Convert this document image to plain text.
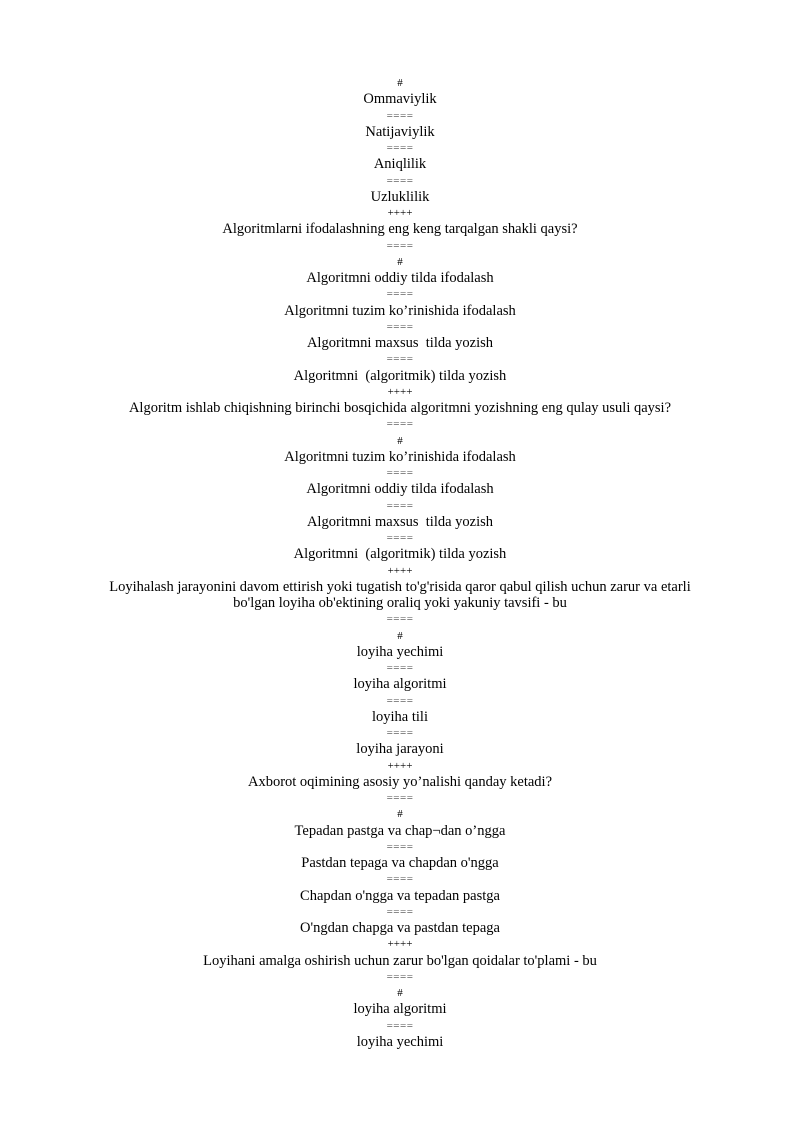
#
Ommaviylik
====
Natijaviylik
====
Aniqlilik
====
Uzluklilik
++++
Algoritmlarni ifodalashning eng keng tarqalgan shakli qaysi?
====
#
Algoritmni oddiy tilda ifodalash
====
Algoritmni tuzim ko’rinishida ifodalash
====
Algoritmni maxsus  tilda yozish
====
Algoritmni  (algoritmik) tilda yozish
++++
Algoritm ishlab chiqishning birinchi bosqichida algoritmni yozishning eng qulay usuli qaysi?
====
#
Algoritmni tuzim ko’rinishida ifodalash
====
Algoritmni oddiy tilda ifodalash
====
Algoritmni maxsus  tilda yozish
====
Algoritmni  (algoritmik) tilda yozish
++++
Loyihalash jarayonini davom ettirish yoki tugatish to'g'risida qaror qabul qilish uchun zarur va etarli
bo'lgan loyiha ob'ektining oraliq yoki yakuniy tavsifi - bu
====
#
loyiha yechimi
====
loyiha algoritmi
====
loyiha tili
====
loyiha jarayoni
++++
Axborot oqimining asosiy yo’nalishi qanday ketadi?
====
#
Tepadan pastga va chap¬dan o’ngga
====
Pastdan tepaga va chapdan o'ngga
====
Chapdan o'ngga va tepadan pastga
====
O'ngdan chapga va pastdan tepaga
++++
Loyihani amalga oshirish uchun zarur bo'lgan qoidalar to'plami - bu
====
#
loyiha algoritmi
====
loyiha yechimi
